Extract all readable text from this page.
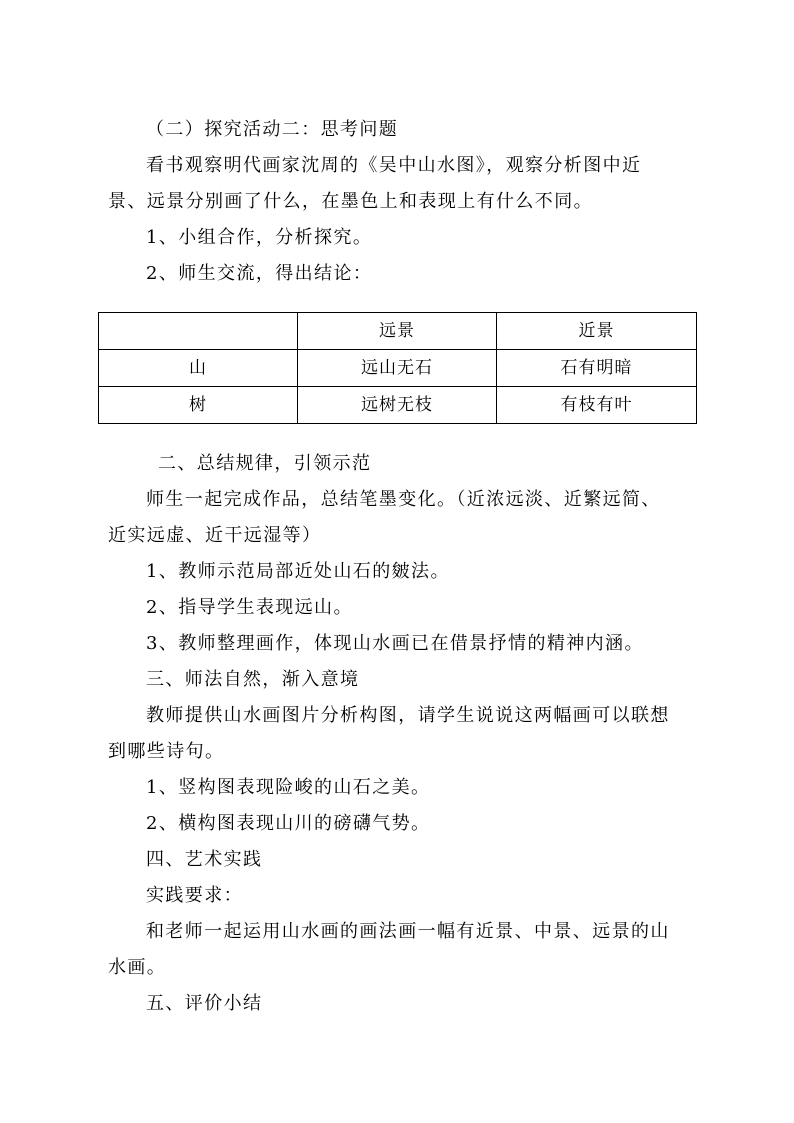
（二）探究活动二：思考问题
看书观察明代画家沈周的《吴中山水图》，观察分析图中近
景、远景分别画了什么，在墨色上和表现上有什么不同。
1、小组合作，分析探究。
2、师生交流，得出结论：
	远景	近景
山	远山无石	石有明暗
树	远树无枝	有枝有叶
二、总结规律，引领示范
师生一起完成作品，总结笔墨变化。（近浓远淡、近繁远简、
近实远虚、近干远湿等）
1、教师示范局部近处山石的皴法。
2、指导学生表现远山。
3、教师整理画作，体现山水画已在借景抒情的精神内涵。
三、师法自然，渐入意境
教师提供山水画图片分析构图，请学生说说这两幅画可以联想
到哪些诗句。
1、竖构图表现险峻的山石之美。
2、横构图表现山川的磅礴气势。
四、艺术实践
实践要求：
和老师一起运用山水画的画法画一幅有近景、中景、远景的山
水画。
五、评价小结
